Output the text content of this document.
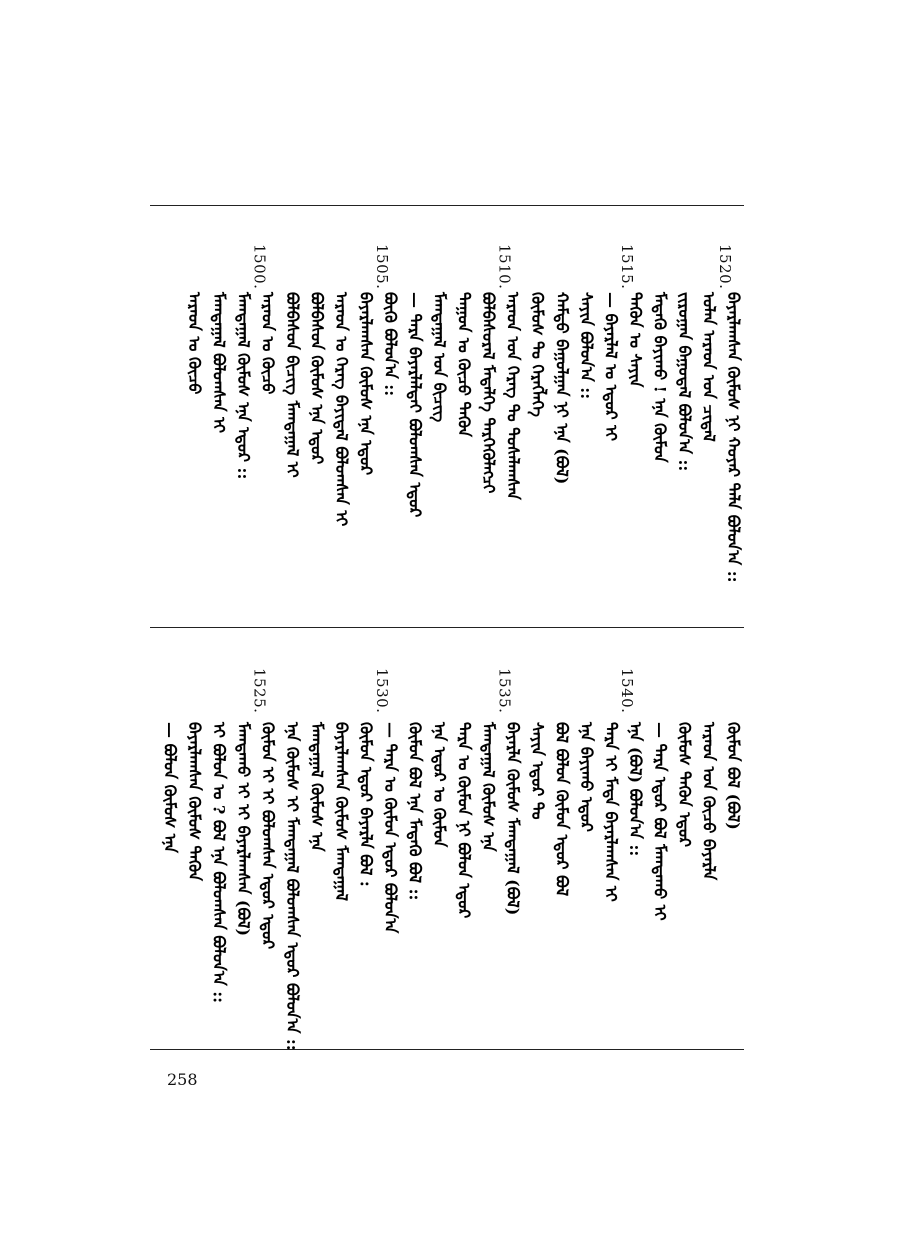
1520.
ᠪᠠᠶᠠᠷᠯᠠᠭᠰᠠᠨ ᠬᠦᠮᠦᠰ ᠨᠢ ᠬᠣᠶᠠᠷ ᠲᠠᠯᠠ ᠪᠣᠯᠤᠨ᠎ᠠ ::
ᠣᠯᠠᠨ ᠠᠷᠠᠳ ᠤᠨ ᠴᠢᠳᠠᠯ
ᠵᠢᠷᠤᠭᠠᠨ ᠪᠠᠭᠤᠳᠠᠯ ᠪᠣᠯᠤᠨ᠎ᠠ ::
ᠮᠡᠳᠡᠬᠦ ᠪᠠᠶᠢᠬᠤ ! ᠡᠨᠡ ᠬᠦᠮᠦᠨ
1515.
ᠲᠡᠭᠦᠨ ᠤ ᠰᠠᠶᠢᠨ
— ᠪᠠᠶᠠᠷᠯᠠᠯ ᠤ ᠡᠳᠦᠷ ᠢ
ᠰᠠᠶᠢᠨ ᠪᠣᠯᠤᠨ᠎ᠠ ::
ᠬᠠᠮᠲᠤ ᠪᠠᠭᠤᠯᠭᠠᠨ ᠨᠢ ᠡᠨᠡ (ᠪᠣᠯ)
ᠬᠦᠮᠦᠰ ᠲᠤ ᠬᠡᠷᠡᠭᠯᠡᠭᠡ
1510.
ᠠᠷᠠᠳ ᠤᠨ ᠬᠡᠷᠡᠭ ᠲᠤ ᠲᠤᠰᠠᠯᠠᠭᠰᠠᠨ
ᠪᠣᠯᠪᠠᠰᠤᠷᠠᠯ ᠮᠡᠳᠡᠯᠭᠡ ᠲᠡᠷᠭᠡᠭᠦᠯᠡᠭᠴᠢ
ᠳᠠᠭᠤᠨ ᠤ ᠬᠦᠴᠦ ᠲᠡᠭᠦᠨ
ᠮᠠᠭᠲᠠᠭᠠᠯ ᠤᠨ ᠪᠢᠴᠢᠭ
— ᠲᠡᠷᠡ ᠪᠠᠶᠠᠷᠯᠠᠯᠲᠠᠢ ᠪᠣᠯᠤᠭᠰᠠᠨ ᠡᠳᠦᠷ
1505.
ᠪᠦᠬᠦ ᠪᠣᠯᠤᠨ᠎ᠠ ::
ᠪᠠᠶᠠᠷᠯᠠᠭᠰᠠᠨ ᠬᠦᠮᠦᠰ ᠡᠨᠡ ᠡᠳᠦᠷ
ᠠᠷᠠᠳ ᠤ ᠬᠡᠷᠡᠭ ᠪᠠᠶᠢᠳᠠᠯ ᠪᠣᠯᠤᠭᠰᠠᠨ ᠢ
ᠪᠣᠯᠪᠠᠰᠤᠨ ᠬᠦᠮᠦᠰ ᠡᠨᠡ ᠡᠳᠦᠷ
ᠪᠣᠯᠪᠠᠰᠤᠨ ᠪᠢᠴᠢᠭ ᠮᠠᠭᠲᠠᠭᠠᠯ ᠢ
1500.
ᠠᠷᠠᠳ ᠤ ᠬᠦᠴᠦ
ᠮᠠᠭᠲᠠᠭᠠᠯ ᠬᠦᠮᠦᠰ ᠡᠨᠡ ᠡᠳᠦᠷ ::
ᠮᠠᠭᠲᠠᠭᠠᠯ ᠪᠣᠯᠤᠭᠰᠠᠨ ᠢ
ᠠᠷᠠᠳ ᠤ ᠬᠦᠴᠦ
ᠬᠦᠮᠦᠨ ᠪᠣᠯ (ᠪᠣᠯ)
ᠠᠷᠠᠳ ᠤᠨ ᠬᠦᠴᠦ ᠪᠠᠶᠠᠷᠯᠠ
ᠬᠦᠮᠦᠰ ᠲᠡᠭᠦᠨ ᠡᠳᠦᠷ
— ᠲᠡᠷᠡ ᠡᠳᠦᠷ ᠪᠣᠯ ᠮᠠᠭᠲᠠᠬᠤ ᠢ
1540.
ᠡᠨᠡ (ᠪᠣᠯ) ᠪᠣᠯᠤᠨ᠎ᠠ ::
ᠲᠡᠷᠡ ᠢ ᠮᠡᠳᠡ ᠪᠠᠶᠠᠷᠯᠠᠭᠰᠠᠨ ᠢ
ᠡᠨᠡ ᠪᠠᠶᠢᠬᠤ ᠡᠳᠦᠷ
ᠪᠣᠯ ᠪᠣᠯᠤᠨ ᠬᠦᠮᠦᠨ ᠡᠳᠦᠷ ᠪᠣᠯ
ᠰᠠᠶᠢᠨ ᠡᠳᠦᠷ ᠲᠤ
1535.
ᠪᠠᠶᠠᠷᠯᠠ ᠬᠦᠮᠦᠰ ᠮᠠᠭᠲᠠᠭᠠᠯ (ᠪᠣᠯ)
ᠮᠠᠭᠲᠠᠭᠠᠯ ᠬᠦᠮᠦᠰ ᠡᠨᠡ
ᠲᠡᠷᠡ ᠤ ᠬᠦᠮᠦᠨ ᠨᠢ ᠪᠣᠯᠤᠨ ᠡᠳᠦᠷ
ᠡᠨᠡ ᠡᠳᠦᠷ ᠤ ᠬᠦᠮᠦᠨ
ᠬᠦᠮᠦᠨ ᠪᠣᠯ ᠡᠨᠡ ᠮᠡᠳᠡᠬᠦ ᠪᠣᠯ ::
1530.
— ᠲᠡᠷᠡ ᠤ ᠬᠦᠮᠦᠨ ᠡᠳᠦᠷ ᠪᠣᠯᠤᠨ᠎ᠠ
ᠬᠦᠮᠦᠨ ᠡᠳᠦᠷ ᠪᠠᠶᠠᠷᠯᠠ ᠪᠣᠯ :
ᠪᠠᠶᠠᠷᠯᠠᠭᠰᠠᠨ ᠬᠦᠮᠦᠰ ᠮᠠᠭᠲᠠᠭᠠᠯ
ᠮᠠᠭᠲᠠᠭᠠᠯ ᠬᠦᠮᠦᠰ ᠡᠨᠡ
ᠡᠨᠡ ᠬᠦᠮᠦᠰ ᠢ ᠮᠠᠭᠲᠠᠭᠠᠯ ᠪᠣᠯᠤᠭᠰᠠᠨ ᠡᠳᠦᠷ ᠪᠣᠯᠤᠨ᠎ᠠ ::
1525.
ᠬᠦᠮᠦᠨ ᠢ ᠢ ᠪᠣᠯᠤᠭᠰᠠᠨ ᠡᠳᠦᠷ ᠡᠳᠦᠷ
ᠮᠠᠭᠲᠠᠬᠤ ᠢ ᠢ ᠪᠠᠶᠠᠷᠯᠠᠭᠰᠠᠨ (ᠪᠣᠯ)
ᠢ ᠪᠣᠯᠤᠨ ᠤ ? ᠪᠣᠯ ᠡᠨᠡ ᠪᠣᠯᠤᠭᠰᠠᠨ ᠪᠣᠯᠤᠨ᠎ᠠ ::
ᠪᠠᠶᠠᠷᠯᠠᠭᠰᠠᠨ ᠬᠦᠮᠦᠰ ᠲᠡᠭᠦᠨ
— ᠪᠣᠯᠤᠨ ᠬᠦᠮᠦᠰ ᠡᠨᠡ
258
